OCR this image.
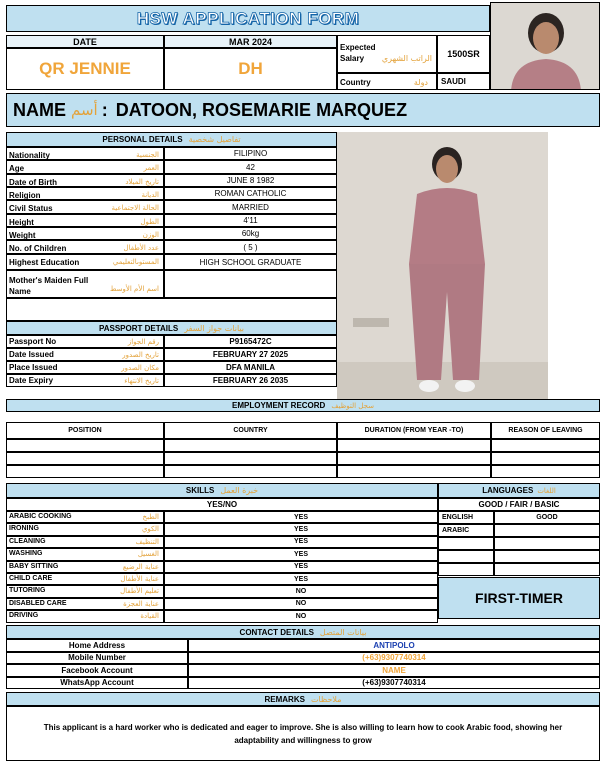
HSW APPLICATION FORM
DATE	MAR 2024
QR JENNIE	DH
Expected Salary	الراتب الشهري	1500SR
Country	دولة	SAUDI
NAME أسم : DATOON, ROSEMARIE MARQUEZ
PERSONAL DETAILS تفاصيل شخصية
PASSPORT DETAILS بيانات جواز السفر
EMPLOYMENT RECORD سجل التوظيف
SKILLS خبرة العمل
YES/NO
LANGUAGES اللغات
GOOD / FAIR / BASIC
FIRST-TIMER
CONTACT DETAILS بيانات المتصل
REMARKS ملاحظات
This applicant is a hard worker who is dedicated and eager to improve. She is also willing to learn how to cook Arabic food, showing her adaptability and willingness to grow
Nationality	الجنسية	FILIPINO
Age	العمر	42
Date of Birth	تاريخ الميلاد	JUNE 8 1982
Religion	الديانة	ROMAN CATHOLIC
Civil Status	الحالة الاجتماعية	MARRIED
Height	الطول	4'11
Weight	الوزن	60kg
No. of Children	عدد الأطفال	( 5 )
Highest Education	المستوىالتعليمي	HIGH SCHOOL GRADUATE
Mother's Maiden Full Name	اسم الأم الأوسط
Passport No	رقم الجواز	P9165472C
Date Issued	تاريخ الصدور	FEBRUARY 27 2025
Place Issued	مكان الصدور	DFA MANILA
Date Expiry	تاريخ الانتهاء	FEBRUARY 26 2035
POSITION	COUNTRY	DURATION (FROM YEAR -TO)	REASON OF LEAVING
ARABIC COOKING	الطبخ	YES
IRONING	الكوي	YES
CLEANING	التنظيف	YES
WASHING	الغسيل	YES
BABY SITTING	عناية الرضيع	YES
CHILD CARE	عناية الأطفال	YES
TUTORING	تعليم الأطفال	NO
DISABLED CARE	عناية العجزة	NO
DRIVING	القيادة	NO
ENGLISH	GOOD
ARABIC
Home Address	ANTIPOLO
Mobile Number	(+63)9307740314
Facebook Account	NAME
WhatsApp Account	(+63)9307740314
